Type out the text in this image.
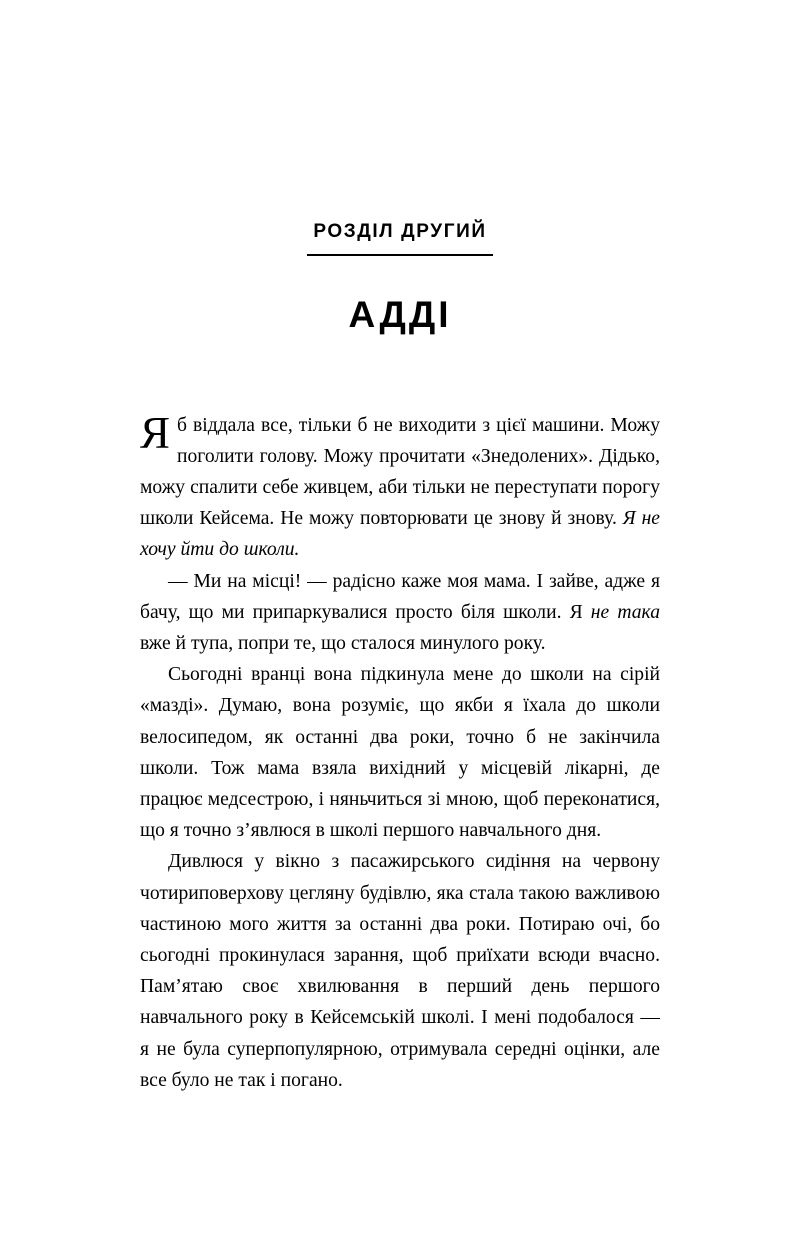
РОЗДІЛ ДРУГИЙ
АДДІ

Я б віддала все, тільки б не виходити з цієї машини. Можу поголити голову. Можу прочитати «Знедолених». Дідько, можу спалити себе живцем, аби тільки не переступати порогу школи Кейсема. Не можу повторювати це знову й знову. Я не хочу йти до школи.

— Ми на місці! — радісно каже моя мама. І зайве, адже я бачу, що ми припаркувалися просто біля школи. Я не така вже й тупа, попри те, що сталося минулого року.

Сьогодні вранці вона підкинула мене до школи на сірій «мазді». Думаю, вона розуміє, що якби я їхала до школи велосипедом, як останні два роки, точно б не закінчила школи. Тож мама взяла вихідний у місцевій лікарні, де працює медсестрою, і няньчиться зі мною, щоб переконатися, що я точно з’явлюся в школі першого навчального дня.

Дивлюся у вікно з пасажирського сидіння на червону чотириповерхову цегляну будівлю, яка стала такою важливою частиною мого життя за останні два роки. Потираю очі, бо сьогодні прокинулася зарання, щоб приїхати всюди вчасно. Пам’ятаю своє хвилювання в перший день першого навчального року в Кейсемській школі. І мені подобалося — я не була суперпопулярною, отримувала середні оцінки, але все було не так і погано.
